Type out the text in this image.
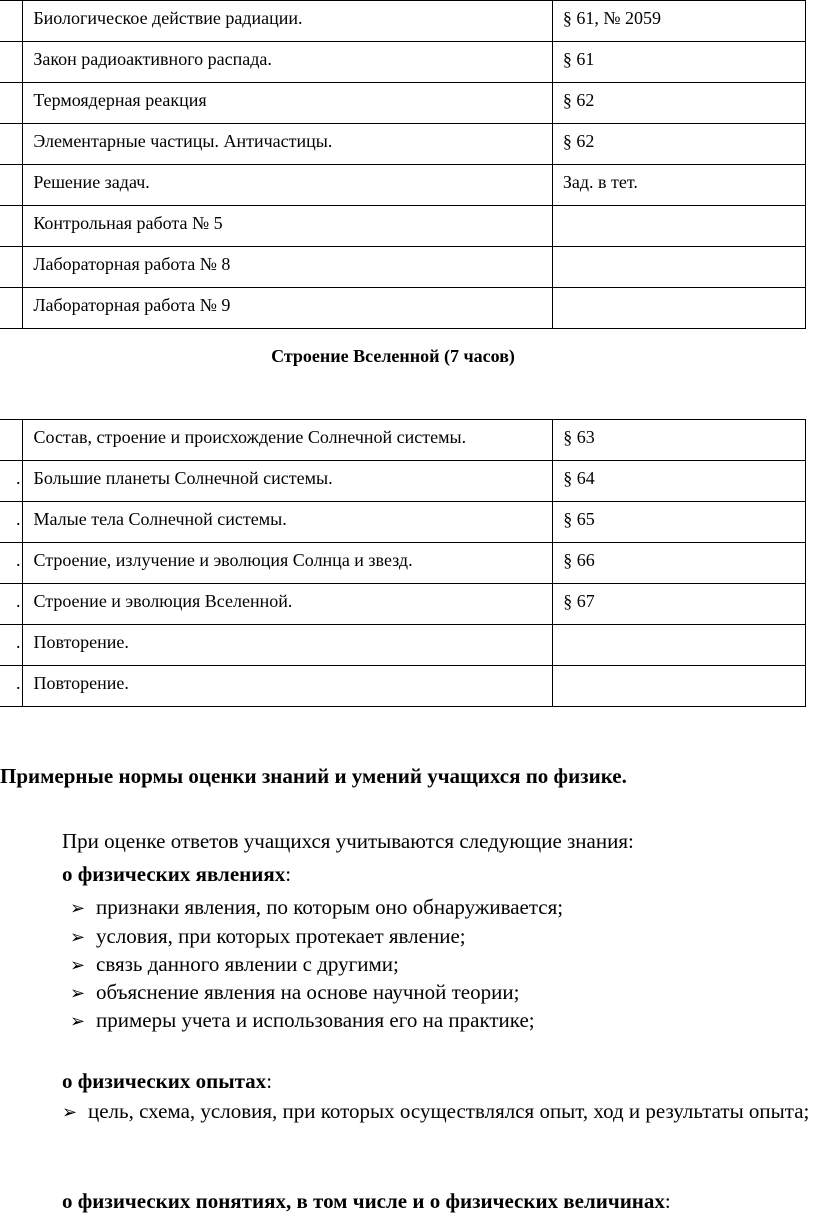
	Биологическое действие радиации.	§ 61, № 2059
	Закон радиоактивного распада.	§ 61
	Термоядерная реакция	§ 62
	Элементарные частицы. Античастицы.	§ 62
	Решение задач.	Зад. в тет.
	Контрольная работа № 5	
	Лабораторная работа № 8	
	Лабораторная работа № 9	
Строение Вселенной (7 часов)
	Состав, строение и происхождение Солнечной системы.	§ 63
.	Большие планеты Солнечной системы.	§ 64
.	Малые тела Солнечной системы.	§ 65
.	Строение, излучение и эволюция Солнца и звезд.	§ 66
.	Строение и эволюция Вселенной.	§ 67
.	Повторение.	
.	Повторение.	
Примерные нормы оценки знаний и умений учащихся по физике.
При оценке ответов учащихся учитываются следующие знания:
о физических явлениях:
➢ признаки явления, по которым оно обнаруживается;
➢ условия, при которых протекает явление;
➢ связь данного явлении с другими;
➢ объяснение явления на основе научной теории;
➢ примеры учета и использования его на практике;
о физических опытах:
➢ цель, схема, условия, при которых осуществлялся опыт, ход и результаты опыта;
о физических понятиях, в том числе и о физических величинах:
